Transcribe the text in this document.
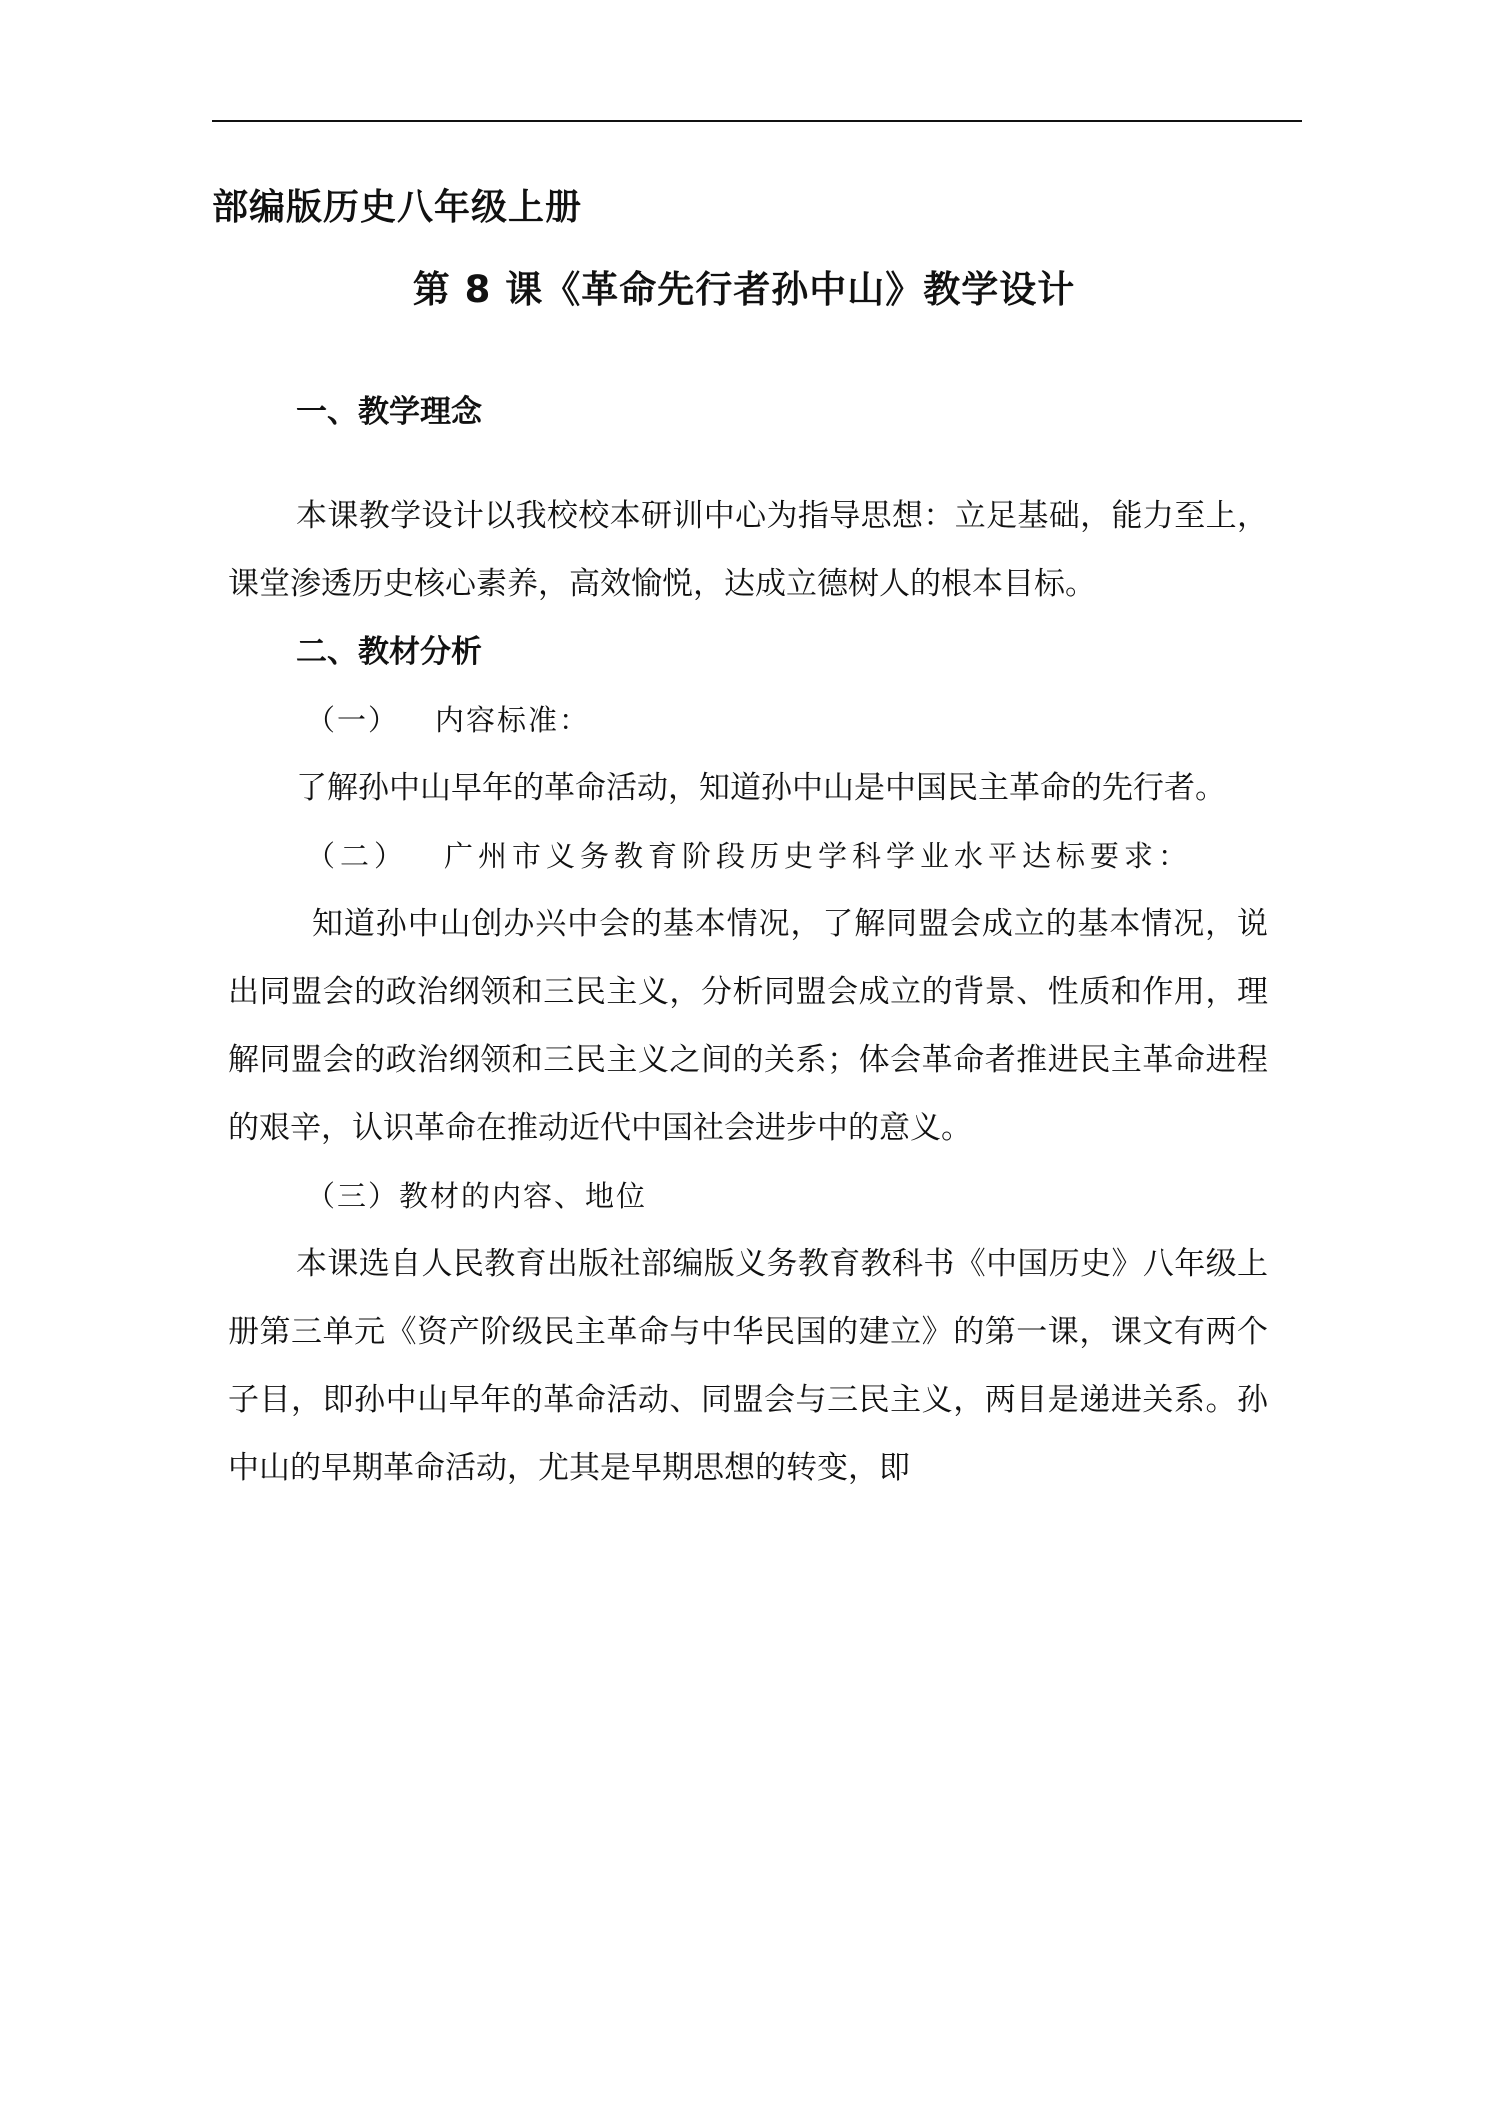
部编版历史八年级上册
第 8 课《革命先行者孙中山》教学设计
一、教学理念

本课教学设计以我校校本研训中心为指导思想：立足基础，能力至上，课堂渗透历史核心素养，高效愉悦，达成立德树人的根本目标。

二、教材分析
（一） 内容标准：

了解孙中山早年的革命活动，知道孙中山是中国民主革命的先行者。

（二） 广州市义务教育阶段历史学科学业水平达标要求：

知道孙中山创办兴中会的基本情况，了解同盟会成立的基本情况，说出同盟会的政治纲领和三民主义，分析同盟会成立的背景、性质和作用，理解同盟会的政治纲领和三民主义之间的关系；体会革命者推进民主革命进程的艰辛，认识革命在推动近代中国社会进步中的意义。

（三）教材的内容、地位

本课选自人民教育出版社部编版义务教育教科书《中国历史》八年级上册第三单元《资产阶级民主革命与中华民国的建立》的第一课，课文有两个子目，即孙中山早年的革命活动、同盟会与三民主义，两目是递进关系。孙中山的早期革命活动，尤其是早期思想的转变，即
